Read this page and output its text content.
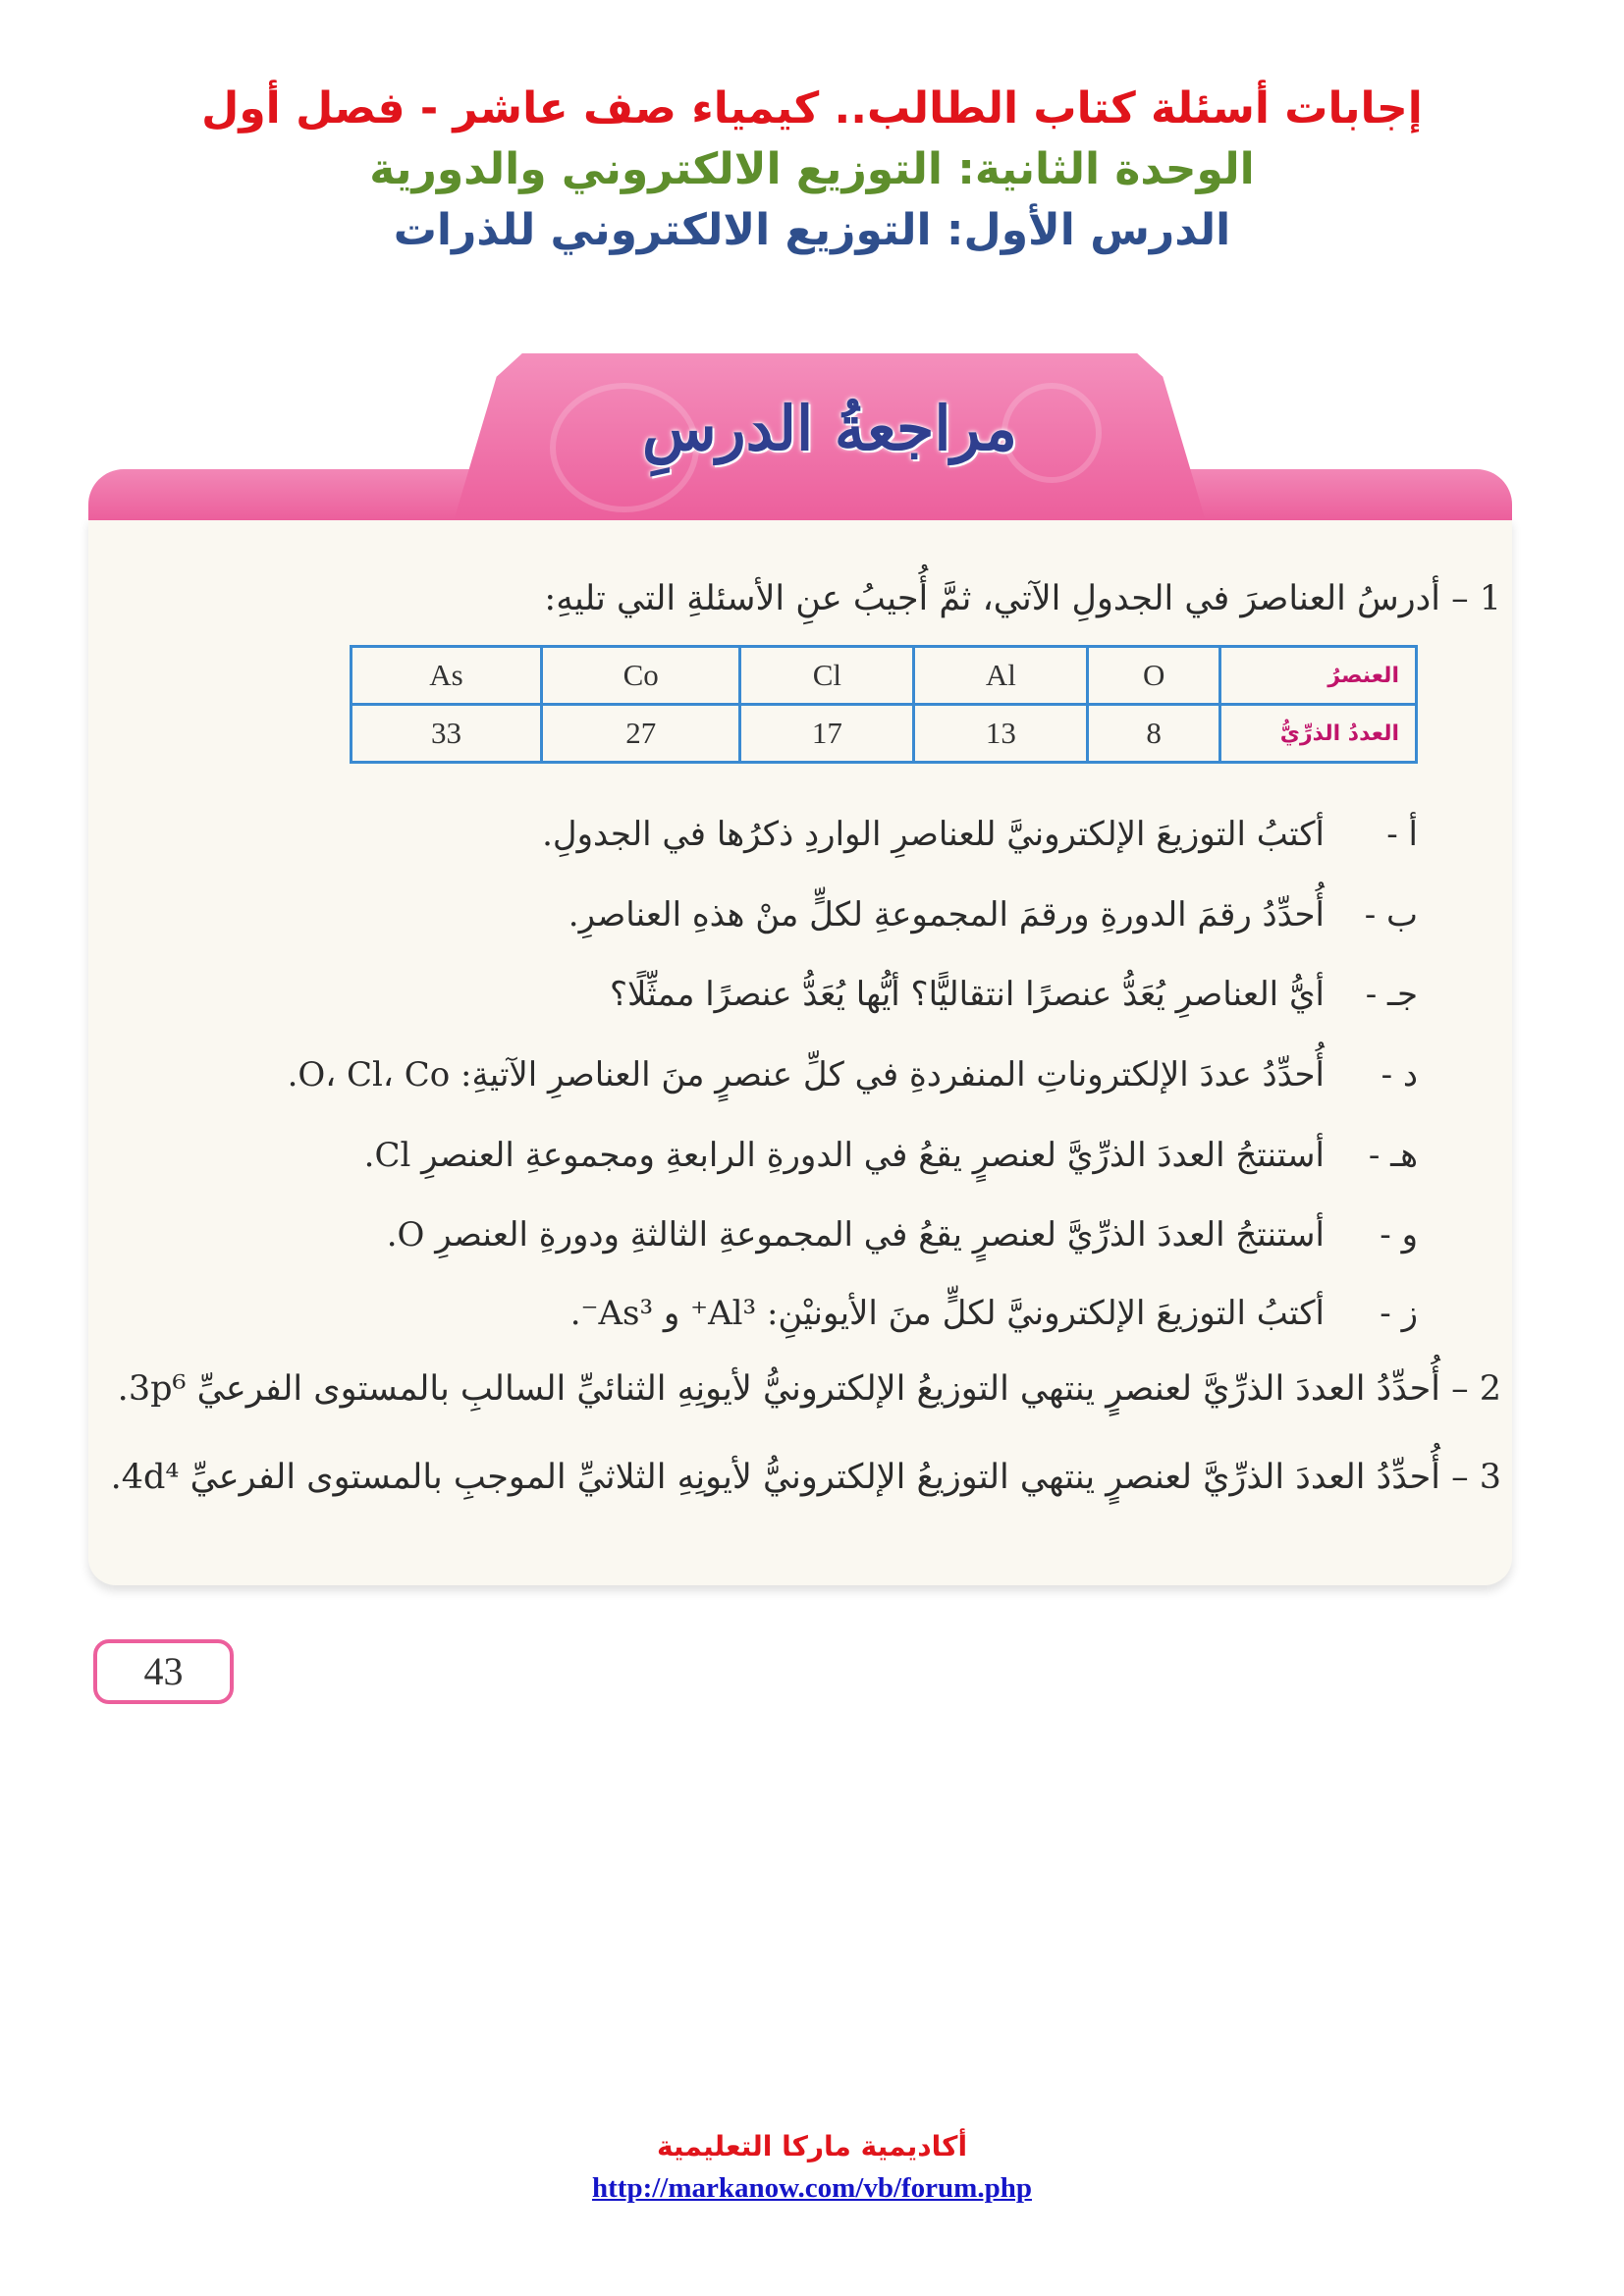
إجابات أسئلة كتاب الطالب.. كيمياء صف عاشر - فصل أول
الوحدة الثانية: التوزيع الالكتروني والدورية
الدرس الأول: التوزيع الالكتروني للذرات
مراجعةُ الدرسِ
1 – أدرسُ العناصرَ في الجدولِ الآتي، ثمَّ أُجيبُ عنِ الأسئلةِ التي تليهِ:
العنصرُ	O	Al	Cl	Co	As
العددُ الذرِّيُّ	8	13	17	27	33
أ -
أكتبُ التوزيعَ الإلكترونيَّ للعناصرِ الواردِ ذكرُها في الجدولِ.
ب -
أُحدِّدُ رقمَ الدورةِ ورقمَ المجموعةِ لكلٍّ منْ هذهِ العناصرِ.
جـ -
أيُّ العناصرِ يُعَدُّ عنصرًا انتقاليًّا؟ أيُّها يُعَدُّ عنصرًا ممثِّلًا؟
د -
أُحدِّدُ عددَ الإلكتروناتِ المنفردةِ في كلِّ عنصرٍ منَ العناصرِ الآتيةِ: O، Cl، Co.
هـ -
أستنتجُ العددَ الذرِّيَّ لعنصرٍ يقعُ في الدورةِ الرابعةِ ومجموعةِ العنصرِ Cl.
و -
أستنتجُ العددَ الذرِّيَّ لعنصرٍ يقعُ في المجموعةِ الثالثةِ ودورةِ العنصرِ O.
ز -
أكتبُ التوزيعَ الإلكترونيَّ لكلٍّ منَ الأيونيْنِ: Al³⁺ و As³⁻.
2 – أُحدِّدُ العددَ الذرِّيَّ لعنصرٍ ينتهي التوزيعُ الإلكترونيُّ لأيونِهِ الثنائيِّ السالبِ بالمستوى الفرعيِّ 3p⁶.
3 – أُحدِّدُ العددَ الذرِّيَّ لعنصرٍ ينتهي التوزيعُ الإلكترونيُّ لأيونِهِ الثلاثيِّ الموجبِ بالمستوى الفرعيِّ 4d⁴.
43
أكاديمية ماركا التعليمية
http://markanow.com/vb/forum.php
